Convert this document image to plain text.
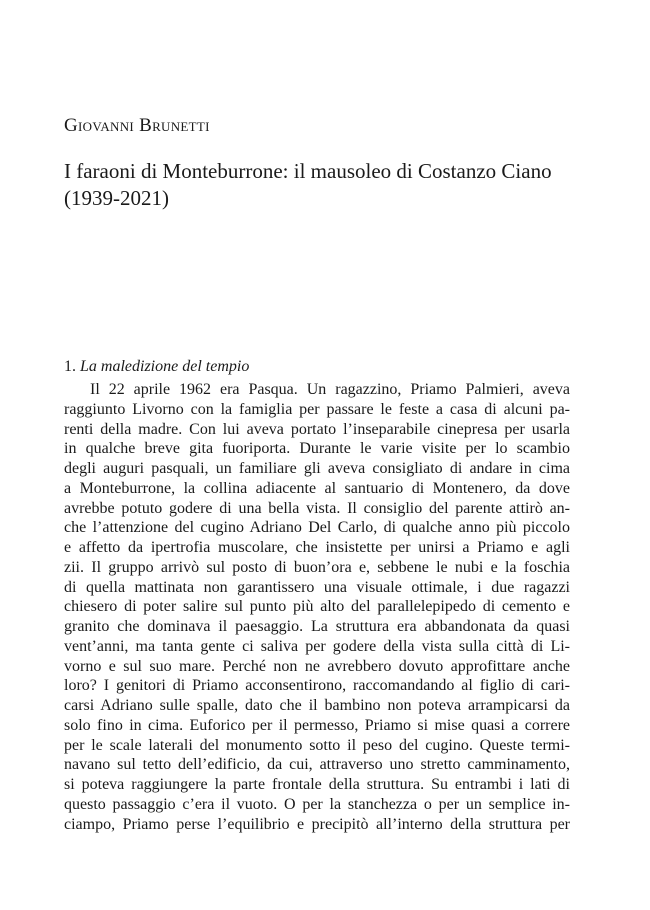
Giovanni Brunetti
I faraoni di Monteburrone: il mausoleo di Costanzo Ciano
(1939-2021)
1. La maledizione del tempio
Il 22 aprile 1962 era Pasqua. Un ragazzino, Priamo Palmieri, aveva
raggiunto Livorno con la famiglia per passare le feste a casa di alcuni pa-
renti della madre. Con lui aveva portato l’inseparabile cinepresa per usarla
in qualche breve gita fuoriporta. Durante le varie visite per lo scambio
degli auguri pasquali, un familiare gli aveva consigliato di andare in cima
a Monteburrone, la collina adiacente al santuario di Montenero, da dove
avrebbe potuto godere di una bella vista. Il consiglio del parente attirò an-
che l’attenzione del cugino Adriano Del Carlo, di qualche anno più piccolo
e affetto da ipertrofia muscolare, che insistette per unirsi a Priamo e agli
zii. Il gruppo arrivò sul posto di buon’ora e, sebbene le nubi e la foschia
di quella mattinata non garantissero una visuale ottimale, i due ragazzi
chiesero di poter salire sul punto più alto del parallelepipedo di cemento e
granito che dominava il paesaggio. La struttura era abbandonata da quasi
vent’anni, ma tanta gente ci saliva per godere della vista sulla città di Li-
vorno e sul suo mare. Perché non ne avrebbero dovuto approfittare anche
loro? I genitori di Priamo acconsentirono, raccomandando al figlio di cari-
carsi Adriano sulle spalle, dato che il bambino non poteva arrampicarsi da
solo fino in cima. Euforico per il permesso, Priamo si mise quasi a correre
per le scale laterali del monumento sotto il peso del cugino. Queste termi-
navano sul tetto dell’edificio, da cui, attraverso uno stretto camminamento,
si poteva raggiungere la parte frontale della struttura. Su entrambi i lati di
questo passaggio c’era il vuoto. O per la stanchezza o per un semplice in-
ciampo, Priamo perse l’equilibrio e precipitò all’interno della struttura per
